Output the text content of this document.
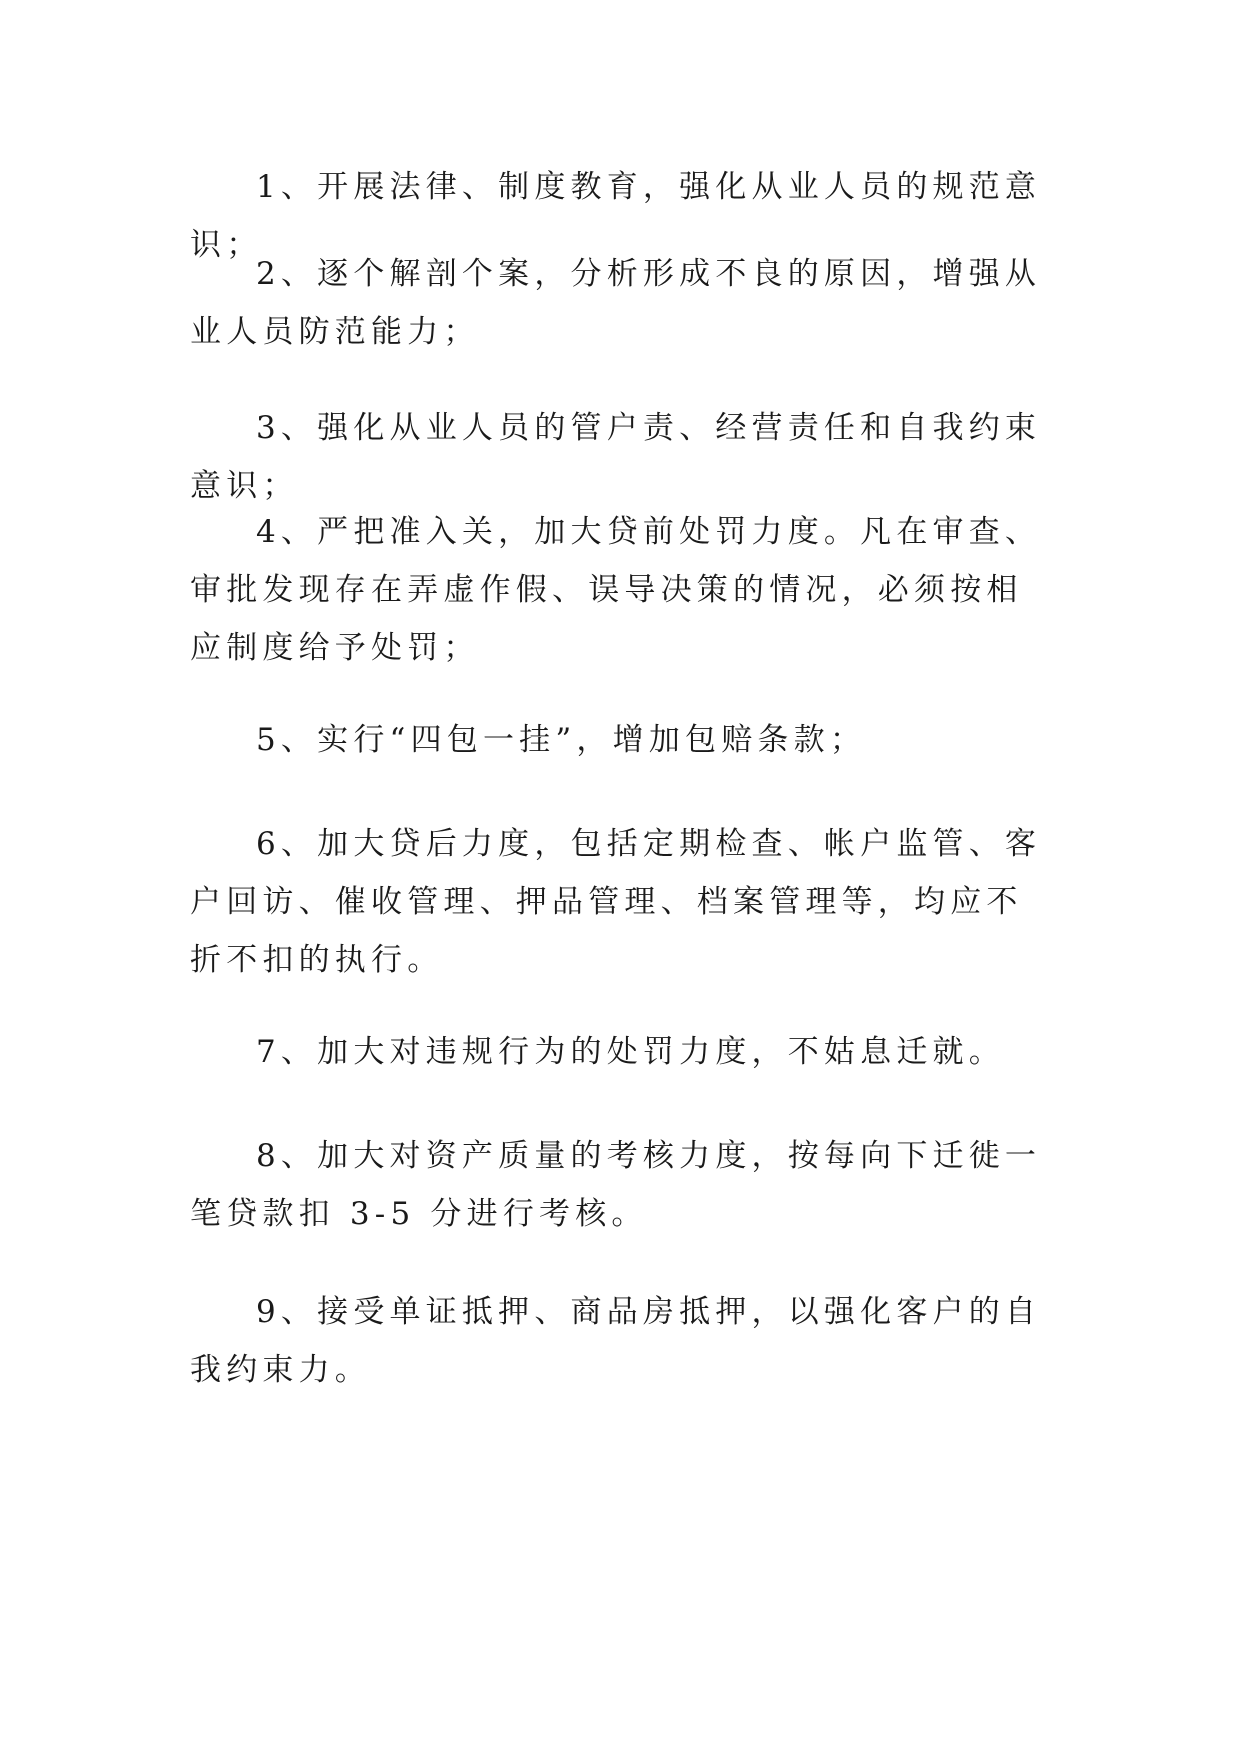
1、开展法律、制度教育，强化从业人员的规范意识；

2、逐个解剖个案，分析形成不良的原因，增强从业人员防范能力；

3、强化从业人员的管户责、经营责任和自我约束意识；

4、严把准入关，加大贷前处罚力度。凡在审查、审批发现存在弄虚作假、误导决策的情况，必须按相应制度给予处罚；

5、实行“四包一挂”，增加包赔条款；

6、加大贷后力度，包括定期检查、帐户监管、客户回访、催收管理、押品管理、档案管理等，均应不折不扣的执行。

7、加大对违规行为的处罚力度，不姑息迁就。

8、加大对资产质量的考核力度，按每向下迁徙一笔贷款扣 3-5 分进行考核。

9、接受单证抵押、商品房抵押，以强化客户的自我约束力。
